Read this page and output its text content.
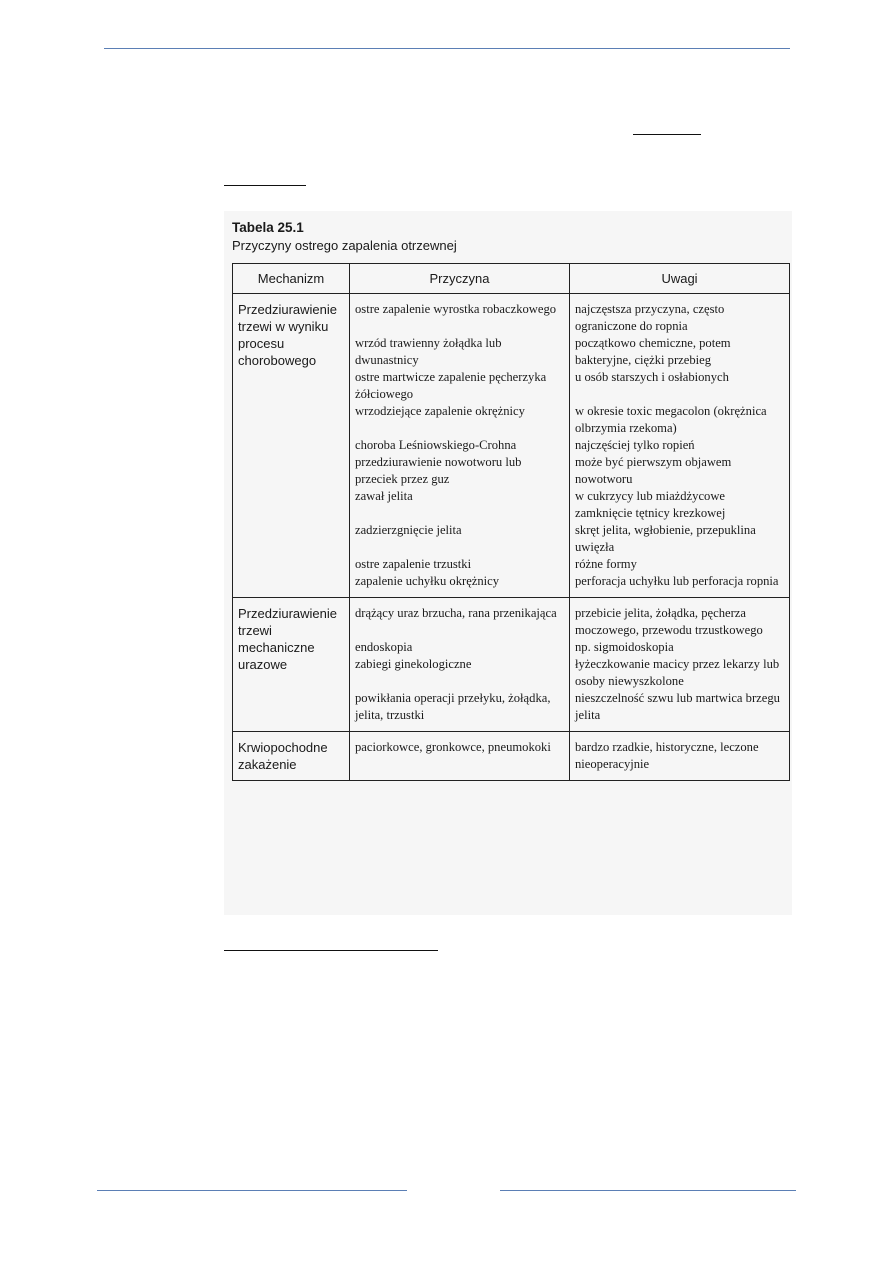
Tabela 25.1
Przyczyny ostrego zapalenia otrzewnej
Mechanizm	Przyczyna	Uwagi
Przedziurawienie trzewi w wyniku procesu chorobowego	ostre zapalenie wyrostka robaczkowego	najczęstsza przyczyna, często ograniczone do ropnia
	wrzód trawienny żołądka lub dwunastnicy	początkowo chemiczne, potem bakteryjne, ciężki przebieg
	ostre martwicze zapalenie pęcherzyka żółciowego	u osób starszych i osłabionych
	wrzodziejące zapalenie okrężnicy	w okresie toxic megacolon (okrężnica olbrzymia rzekoma)
	choroba Leśniowskiego-Crohna	najczęściej tylko ropień
	przedziurawienie nowotworu lub przeciek przez guz	może być pierwszym objawem nowotworu
	zawał jelita	w cukrzycy lub miażdżycowe zamknięcie tętnicy krezkowej
	zadzierzgnięcie jelita	skręt jelita, wgłobienie, przepuklina uwięzła
	ostre zapalenie trzustki	różne formy
	zapalenie uchyłku okrężnicy	perforacja uchyłku lub perforacja ropnia
Przedziurawienie trzewi mechaniczne urazowe	drążący uraz brzucha, rana przenikająca	przebicie jelita, żołądka, pęcherza moczowego, przewodu trzustkowego
	endoskopia	np. sigmoidoskopia
	zabiegi ginekologiczne	łyżeczkowanie macicy przez lekarzy lub osoby niewyszkolone
	powikłania operacji przełyku, żołądka, jelita, trzustki	nieszczelność szwu lub martwica brzegu jelita
Krwiopochodne zakażenie	paciorkowce, gronkowce, pneumokoki	bardzo rzadkie, historyczne, leczone nieoperacyjnie
